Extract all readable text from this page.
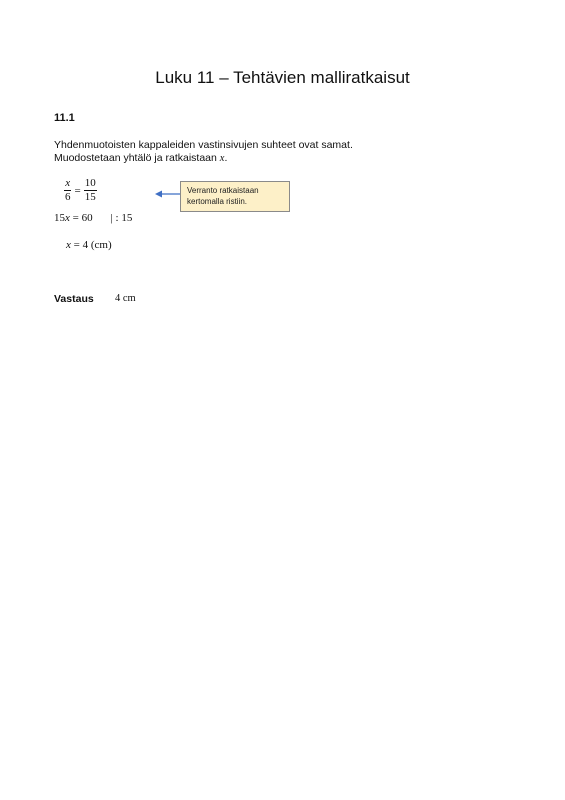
Luku 11 – Tehtävien malliratkaisut
11.1
Yhdenmuotoisten kappaleiden vastinsivujen suhteet ovat samat.
Muodostetaan yhtälö ja ratkaistaan x.
$\frac{x}{6} = \frac{10}{15}$	Verranto ratkaistaan
kertomalla ristiin.
15x = 60 | : 15
x = 4 (cm)
Vastaus 4 cm
